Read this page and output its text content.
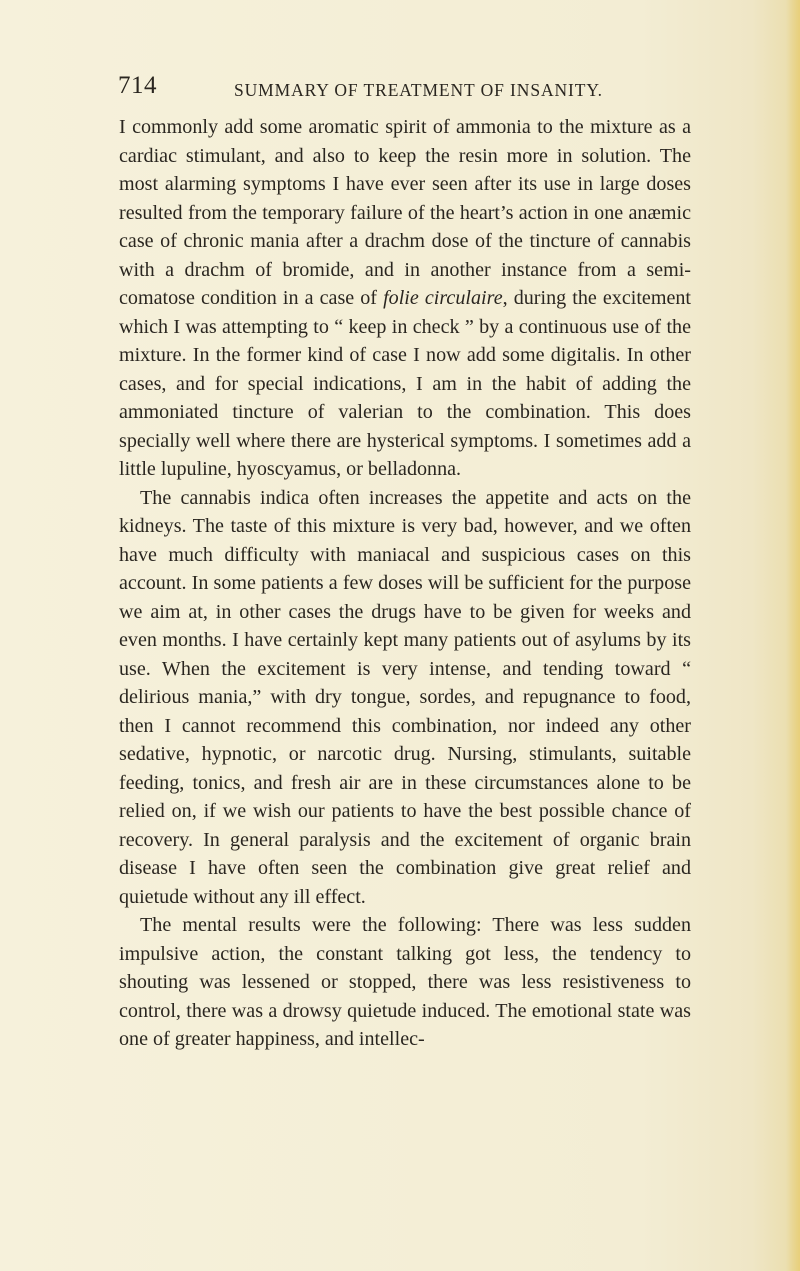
714	SUMMARY OF TREATMENT OF INSANITY.

I commonly add some aromatic spirit of ammonia to the mixture as a cardiac stimulant, and also to keep the resin more in solution. The most alarming symptoms I have ever seen after its use in large doses resulted from the temporary failure of the heart’s action in one anæmic case of chronic mania after a drachm dose of the tincture of cannabis with a drachm of bromide, and in another instance from a semi-comatose condition in a case of folie circulaire, during the excitement which I was attempting to “ keep in check ” by a continuous use of the mixture. In the former kind of case I now add some digitalis. In other cases, and for special indications, I am in the habit of adding the ammoniated tincture of valerian to the combination. This does specially well where there are hysterical symptoms. I sometimes add a little lupuline, hyoscyamus, or belladonna.

The cannabis indica often increases the appetite and acts on the kidneys. The taste of this mixture is very bad, however, and we often have much difficulty with maniacal and suspicious cases on this account. In some patients a few doses will be sufficient for the purpose we aim at, in other cases the drugs have to be given for weeks and even months. I have certainly kept many patients out of asylums by its use. When the excitement is very intense, and tending toward “ delirious mania,” with dry tongue, sordes, and repugnance to food, then I cannot recommend this combination, nor indeed any other sedative, hypnotic, or narcotic drug. Nursing, stimulants, suitable feeding, tonics, and fresh air are in these circumstances alone to be relied on, if we wish our patients to have the best possible chance of recovery. In general paralysis and the excitement of organic brain disease I have often seen the combination give great relief and quietude without any ill effect.

The mental results were the following: There was less sudden impulsive action, the constant talking got less, the tendency to shouting was lessened or stopped, there was less resistiveness to control, there was a drowsy quietude induced. The emotional state was one of greater happiness, and intellec-
